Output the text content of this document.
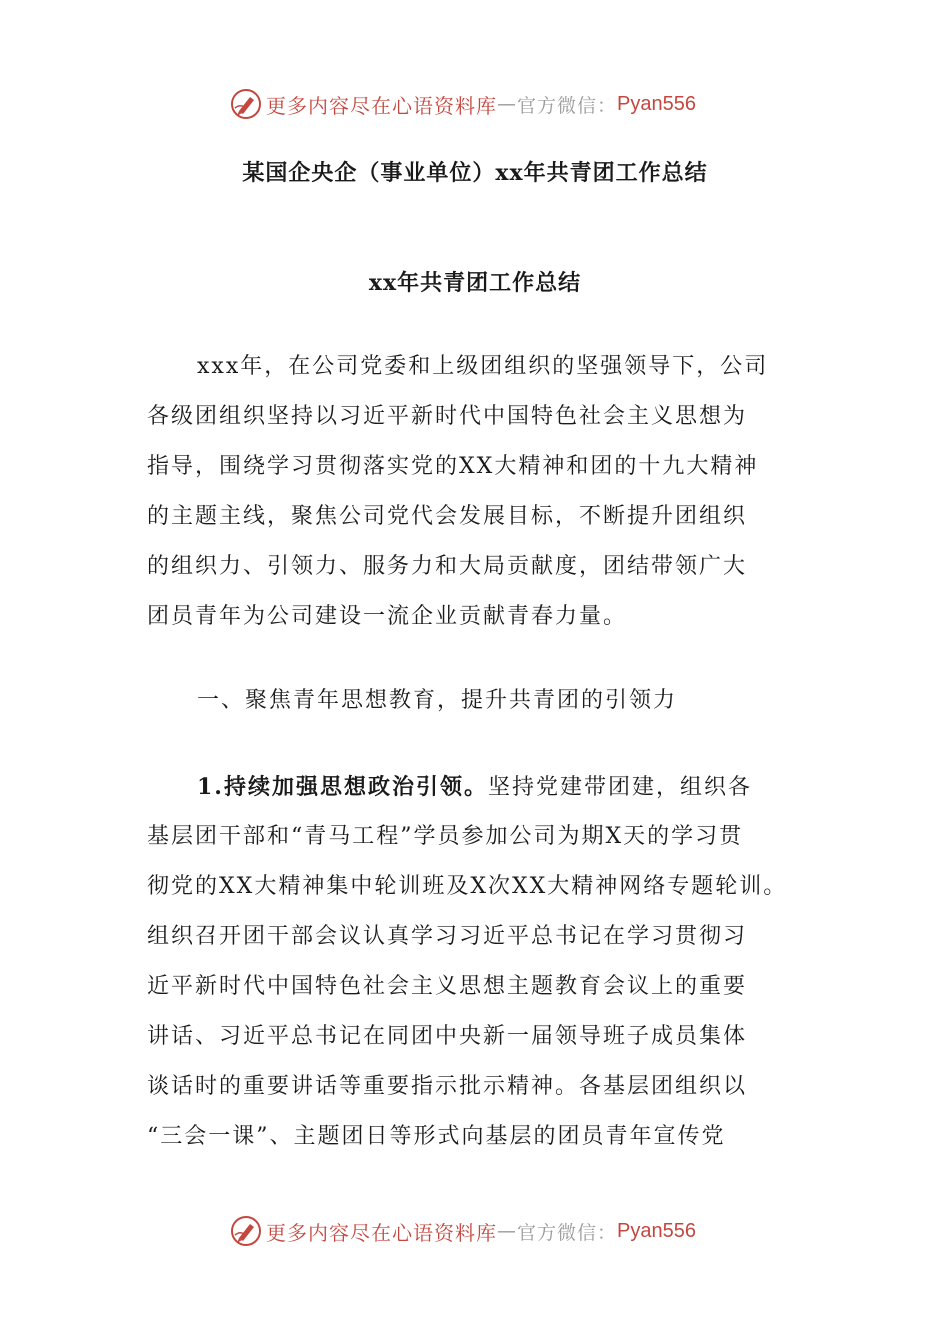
更多内容尽在心语资料库 — 官方微信： Pyan556
某国企央企（事业单位）xx年共青团工作总结
xx年共青团工作总结

xxx年，在公司党委和上级团组织的坚强领导下，公司

各级团组织坚持以习近平新时代中国特色社会主义思想为

指导，围绕学习贯彻落实党的XX大精神和团的十九大精神

的主题主线，聚焦公司党代会发展目标，不断提升团组织

的组织力、引领力、服务力和大局贡献度，团结带领广大

团员青年为公司建设一流企业贡献青春力量。

一、聚焦青年思想教育，提升共青团的引领力

1.持续加强思想政治引领。坚持党建带团建，组织各

基层团干部和“青马工程”学员参加公司为期X天的学习贯

彻党的XX大精神集中轮训班及X次XX大精神网络专题轮训。

组织召开团干部会议认真学习习近平总书记在学习贯彻习

近平新时代中国特色社会主义思想主题教育会议上的重要

讲话、习近平总书记在同团中央新一届领导班子成员集体

谈话时的重要讲话等重要指示批示精神。各基层团组织以

“三会一课”、主题团日等形式向基层的团员青年宣传党

更多内容尽在心语资料库 — 官方微信： Pyan556
